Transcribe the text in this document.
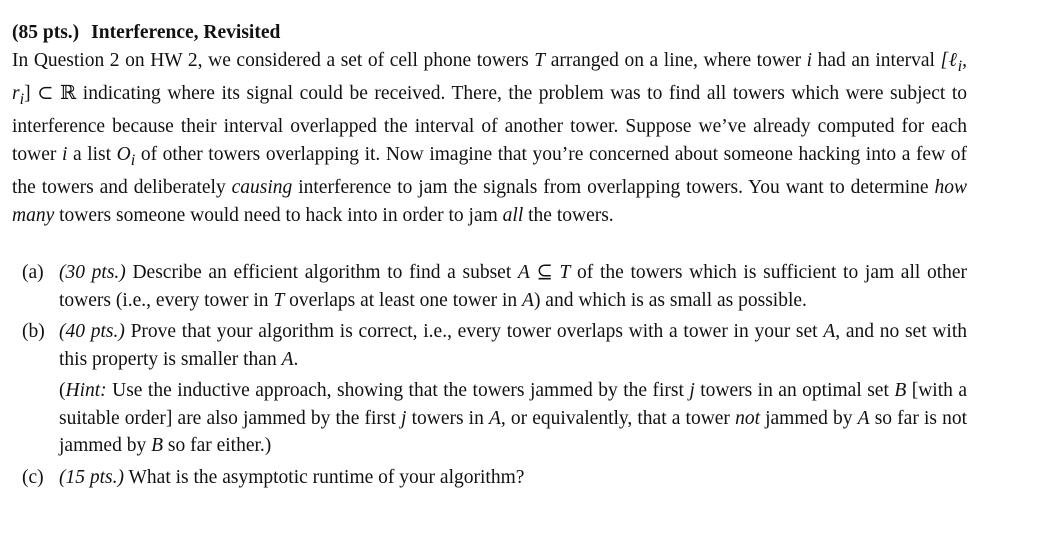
(85 pts.) Interference, Revisited

In Question 2 on HW 2, we considered a set of cell phone towers T arranged on a line, where tower i had an interval [ℓ$_i$, $r_i$] ⊂ ℝ indicating where its signal could be received. There, the problem was to find all towers which were subject to interference because their interval overlapped the interval of another tower. Suppose we’ve already computed for each tower i a list $O_i$ of other towers overlapping it. Now imagine that you’re concerned about someone hacking into a few of the towers and deliberately causing interference to jam the signals from overlapping towers. You want to determine how many towers someone would need to hack into in order to jam all the towers.

(a) (30 pts.) Describe an efficient algorithm to find a subset A ⊆ T of the towers which is sufficient to jam all other towers (i.e., every tower in T overlaps at least one tower in A) and which is as small as possible.

(b) (40 pts.) Prove that your algorithm is correct, i.e., every tower overlaps with a tower in your set A, and no set with this property is smaller than A.

(Hint: Use the inductive approach, showing that the towers jammed by the first j towers in an optimal set B [with a suitable order] are also jammed by the first j towers in A, or equivalently, that a tower not jammed by A so far is not jammed by B so far either.)

(c) (15 pts.) What is the asymptotic runtime of your algorithm?
